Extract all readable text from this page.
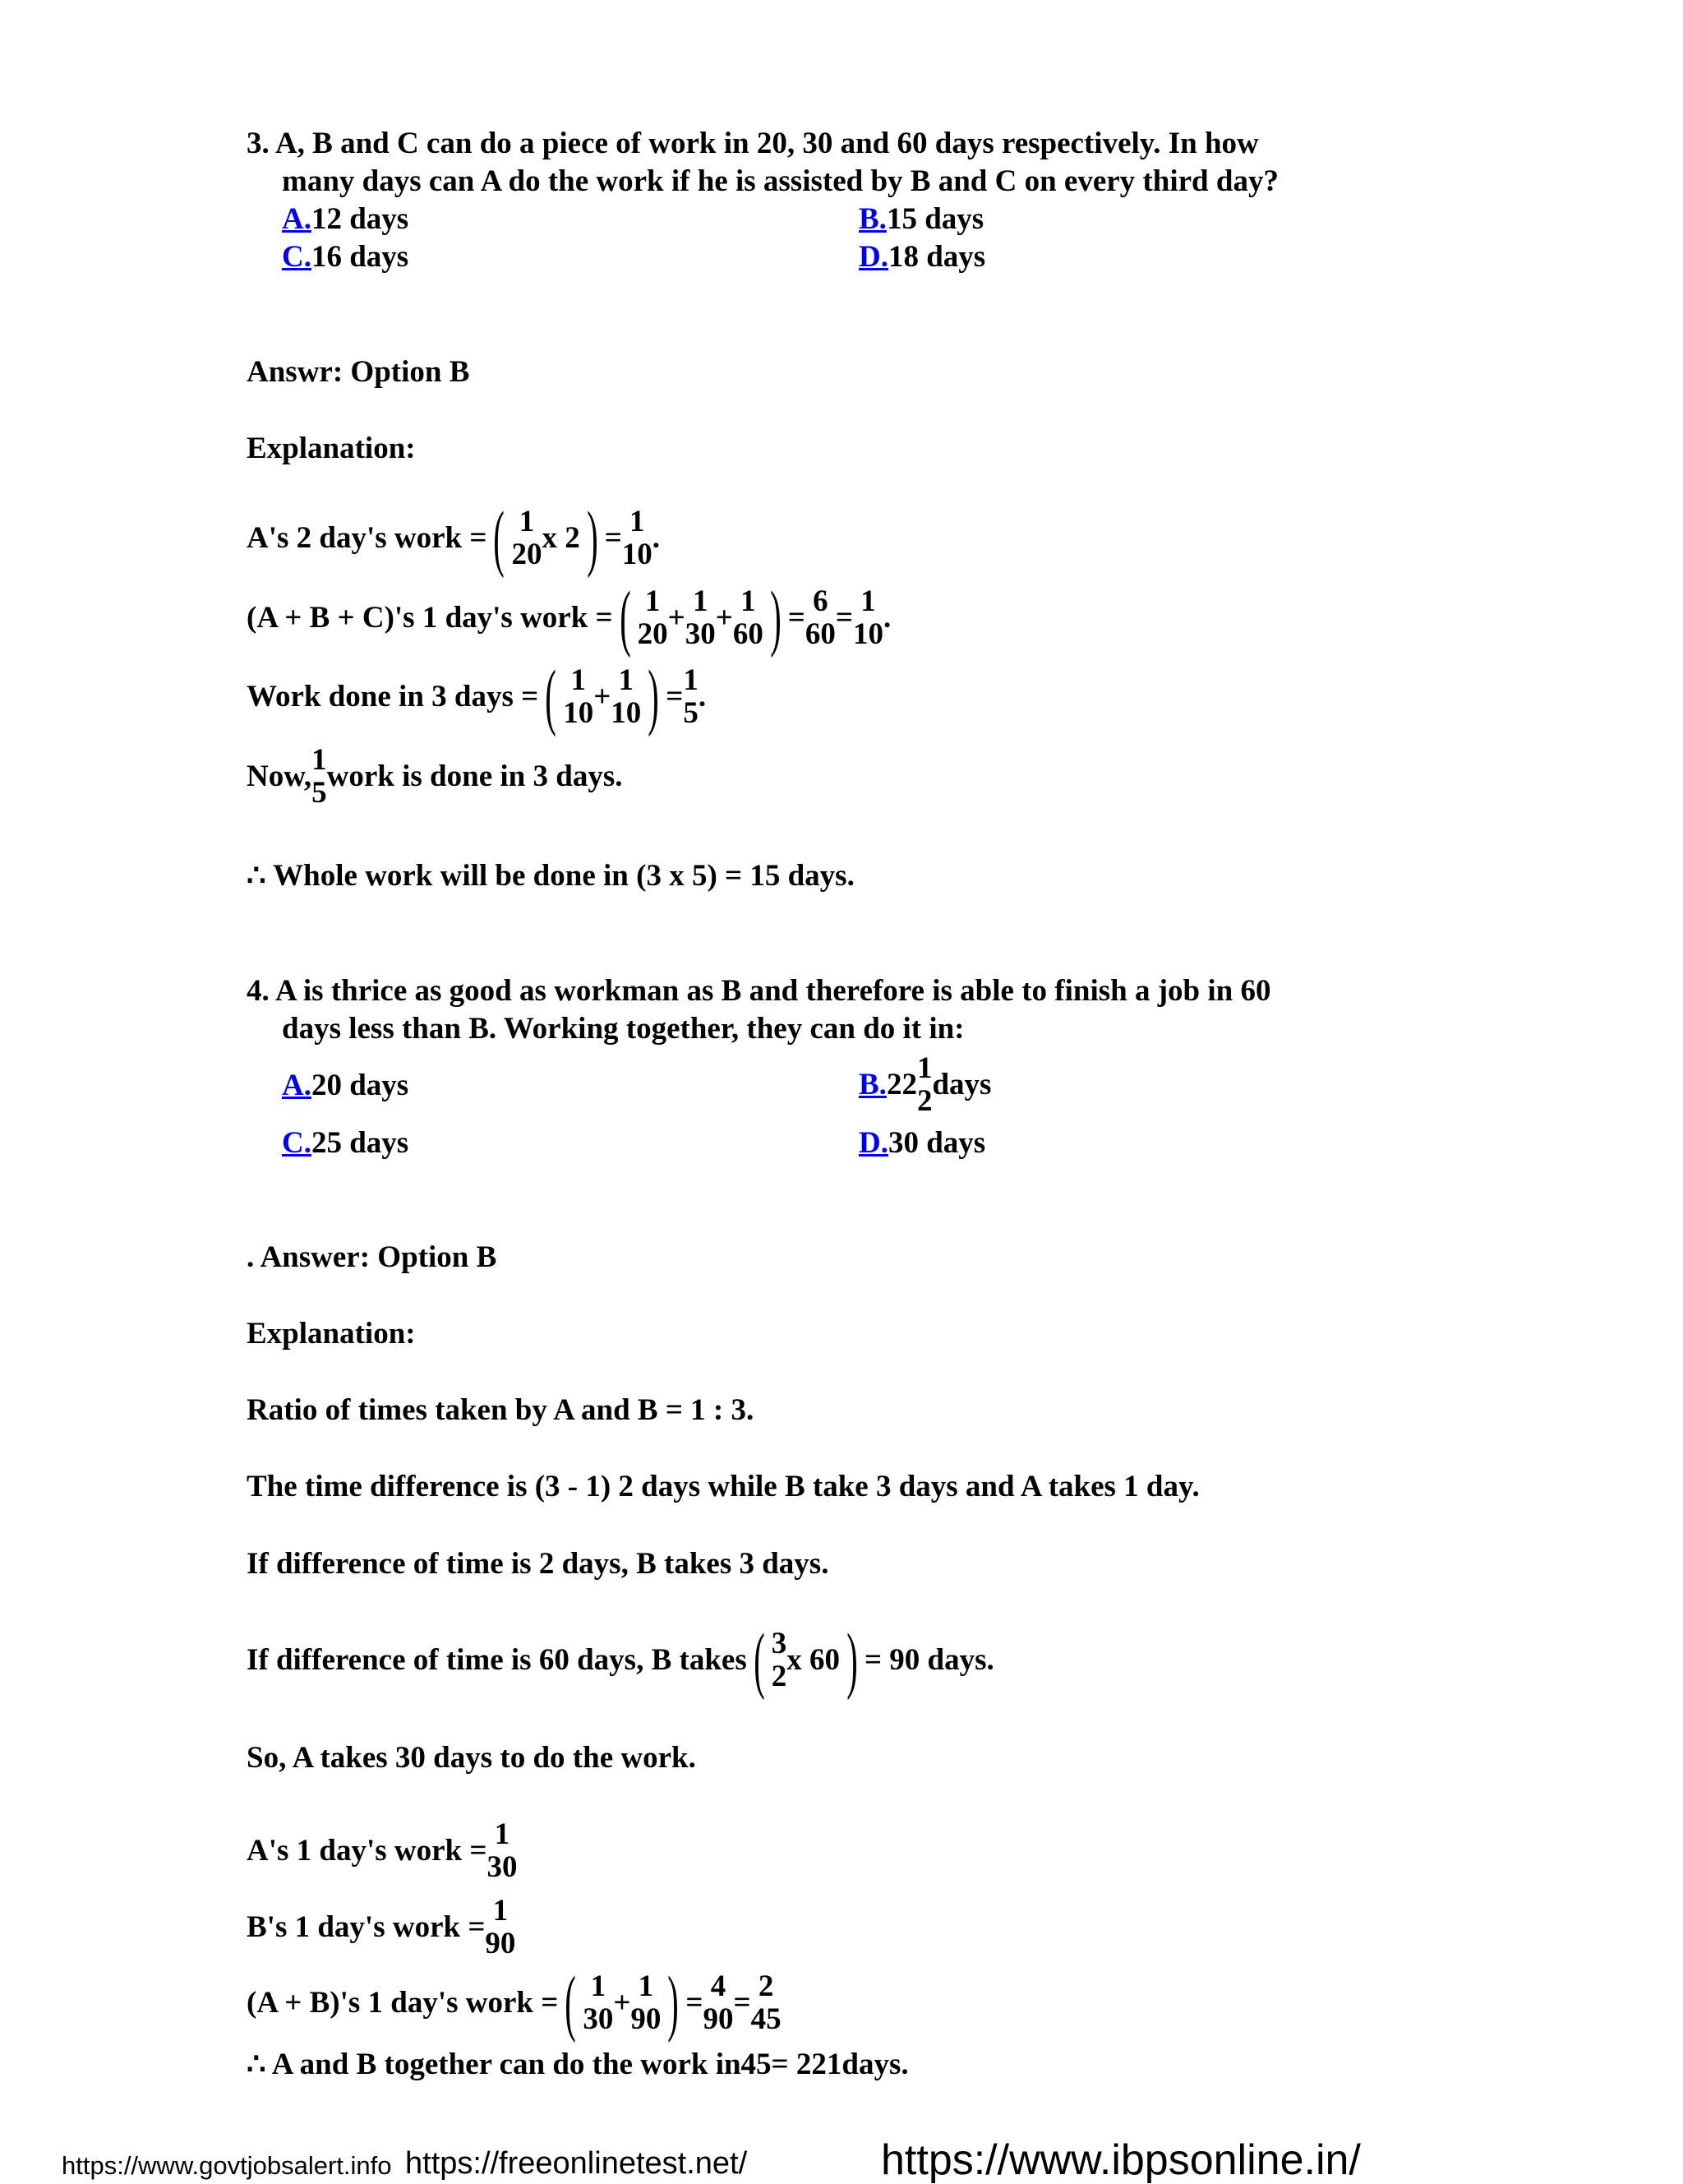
3. A, B and C can do a piece of work in 20, 30 and 60 days respectively. In how
many days can A do the work if he is assisted by B and C on every third day?
A.12 days	B.15 days
C.16 days	D.18 days
Answr: Option B
Explanation:
A's 2 day's work =( 1
20 x 2) = 1
10 .
(A + B + C)'s 1 day's work =( 1
20 + 1
30 + 1
60 ) = 6
60 = 1
10 .
Work done in 3 days =( 1
10 + 1
10 ) = 1
5 .
Now, 1
5 work is done in 3 days.
∴ Whole work will be done in (3 x 5) = 15 days.
4. A is thrice as good as workman as B and therefore is able to finish a job in 60
days less than B. Working together, they can do it in:
A.20 days	B.22 1
2 days
C.25 days	D.30 days
. Answer: Option B
Explanation:
Ratio of times taken by A and B = 1 : 3.
The time difference is (3 - 1) 2 days while B take 3 days and A takes 1 day.
If difference of time is 2 days, B takes 3 days.
If difference of time is 60 days, B takes( 3
2 x 60) = 90 days.
So, A takes 30 days to do the work.
A's 1 day's work = 1
30
B's 1 day's work = 1
90
(A + B)'s 1 day's work =( 1
30 + 1
90 ) = 4
90 = 2
45
∴ A and B together can do the work in45= 221days.
https://www.govtjobsalert.info https://freeonlinetest.net/	https://www.ibpsonline.in/
